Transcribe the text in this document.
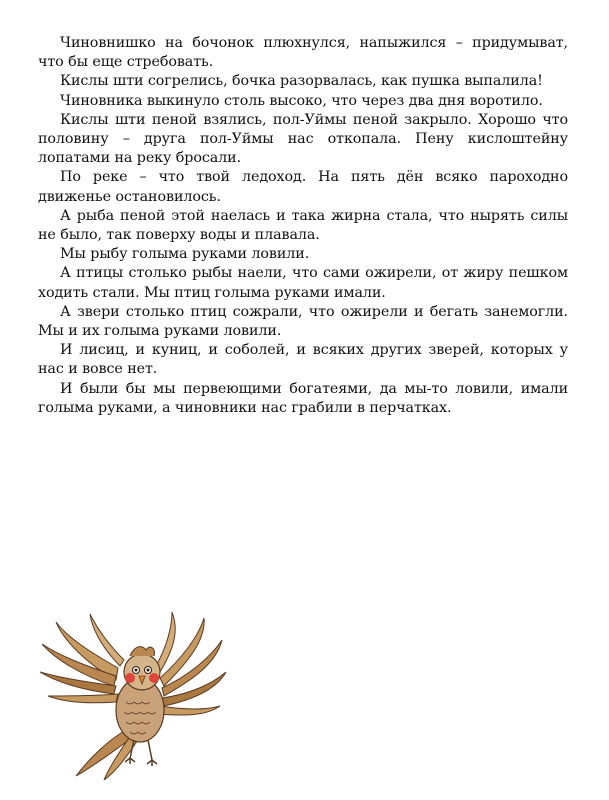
Чиновнишко на бочонок плюхнулся, напыжился – придумыват, что бы еще стребовать.

Кислы шти согрелись, бочка разорвалась, как пушка выпалила!

Чиновника выкинуло столь высоко, что через два дня воротило.

Кислы шти пеной взялись, пол-Уймы пеной закрыло. Хорошо что половину – друга пол-Уймы нас откопала. Пену кислоштейну лопатами на реку бросали.

По реке – что твой ледоход. На пять дён всяко пароходно движенье остановилось.

А рыба пеной этой наелась и така жирна стала, что нырять силы не было, так поверху воды и плавала.

Мы рыбу голыма руками ловили.

А птицы столько рыбы наели, что сами ожирели, от жиру пешком ходить стали. Мы птиц голыма руками имали.

А звери столько птиц сожрали, что ожирели и бегать занемогли. Мы и их голыма руками ловили.

И лисиц, и куниц, и соболей, и всяких других зверей, которых у нас и вовсе нет.

И были бы мы первеющими богатеями, да мы-то ловили, имали голыма руками, а чиновники нас грабили в перчатках.
